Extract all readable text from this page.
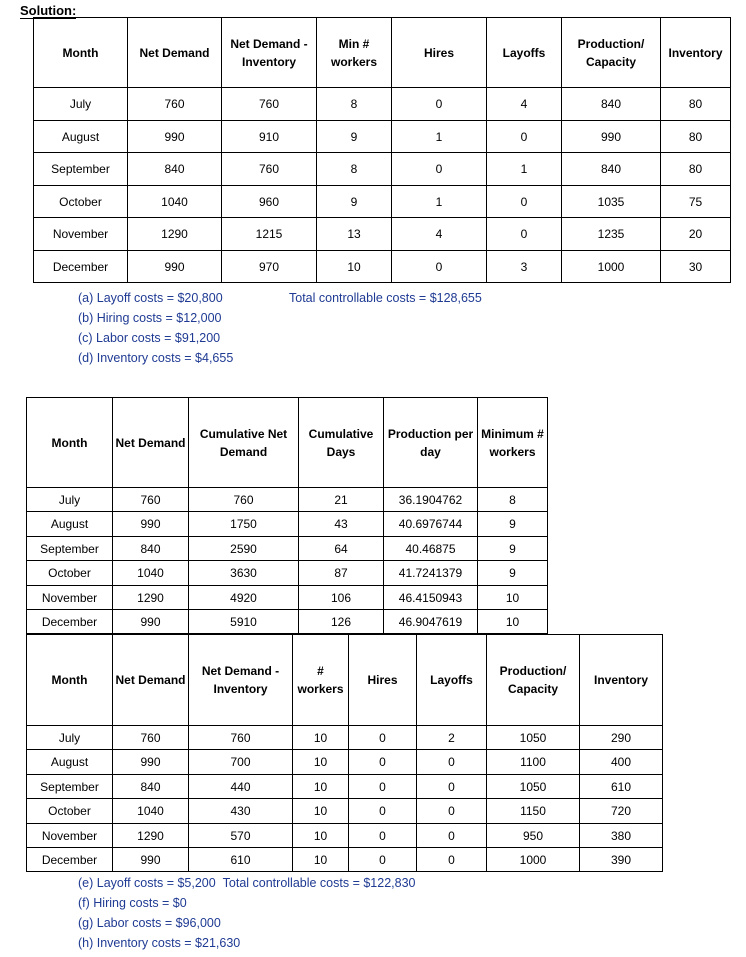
Solution:
Month	Net Demand	Net Demand - Inventory	Min # workers	Hires	Layoffs	Production/ Capacity	Inventory
July	760	760	8	0	4	840	80
August	990	910	9	1	0	990	80
September	840	760	8	0	1	840	80
October	1040	960	9	1	0	1035	75
November	1290	1215	13	4	0	1235	20
December	990	970	10	0	3	1000	30
(a) Layoff costs = $20,800
(b) Hiring costs = $12,000
(c) Labor costs = $91,200
(d) Inventory costs = $4,655
Total controllable costs = $128,655
Month	Net Demand	Cumulative Net Demand	Cumulative Days	Production per day	Minimum # workers
July	760	760	21	36.1904762	8
August	990	1750	43	40.6976744	9
September	840	2590	64	40.46875	9
October	1040	3630	87	41.7241379	9
November	1290	4920	106	46.4150943	10
December	990	5910	126	46.9047619	10
Month	Net Demand	Net Demand - Inventory	# workers	Hires	Layoffs	Production/ Capacity	Inventory
July	760	760	10	0	2	1050	290
August	990	700	10	0	0	1100	400
September	840	440	10	0	0	1050	610
October	1040	430	10	0	0	1150	720
November	1290	570	10	0	0	950	380
December	990	610	10	0	0	1000	390
(e) Layoff costs = $5,200 Total controllable costs = $122,830
(f) Hiring costs = $0
(g) Labor costs = $96,000
(h) Inventory costs = $21,630
